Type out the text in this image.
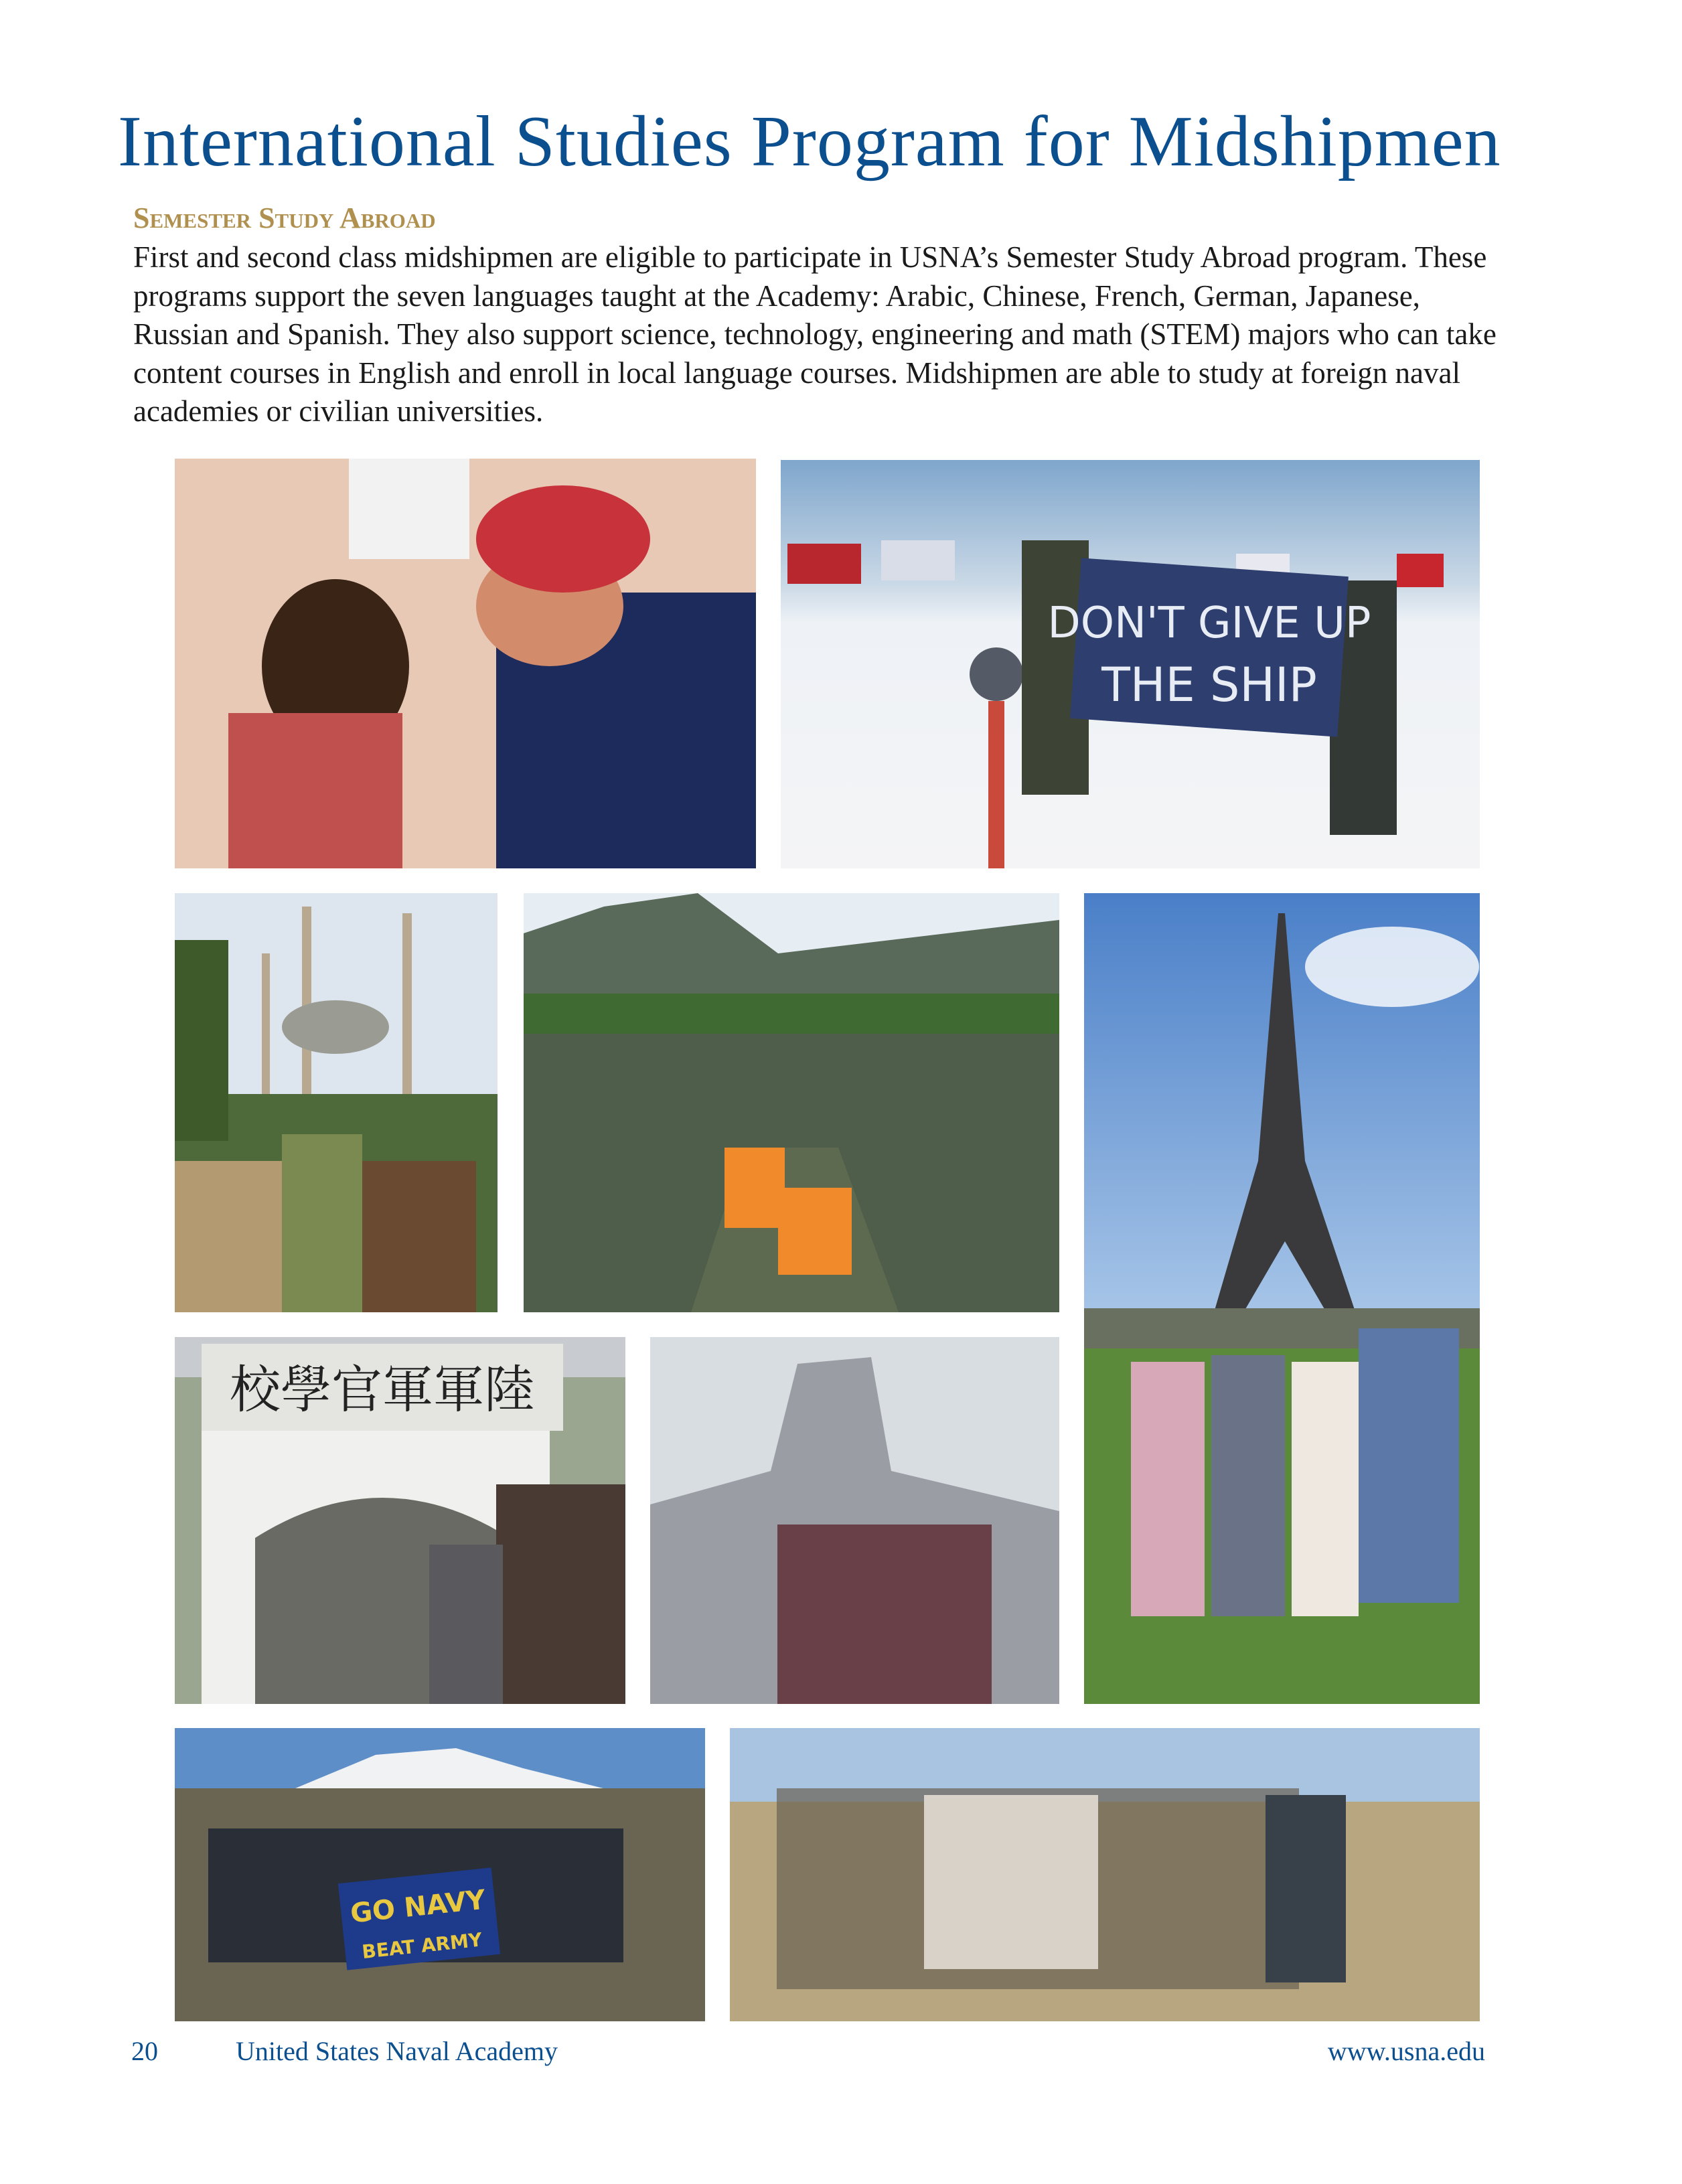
International Studies Program for Midshipmen
Semester Study Abroad

First and second class midshipmen are eligible to participate in USNA’s Semester Study Abroad program. These programs support the seven languages taught at the Academy: Arabic, Chinese, French, German, Japanese, Russian and Spanish. They also support science, technology, engineering and math (STEM) majors who can take content courses in English and enroll in local language courses. Midshipmen are able to study at foreign naval academies or civilian universities.

DON'T GIVE UP
THE SHIP
校學官軍軍陸
GO NAVY
BEAT ARMY
20	United States Naval Academy	www.usna.edu
